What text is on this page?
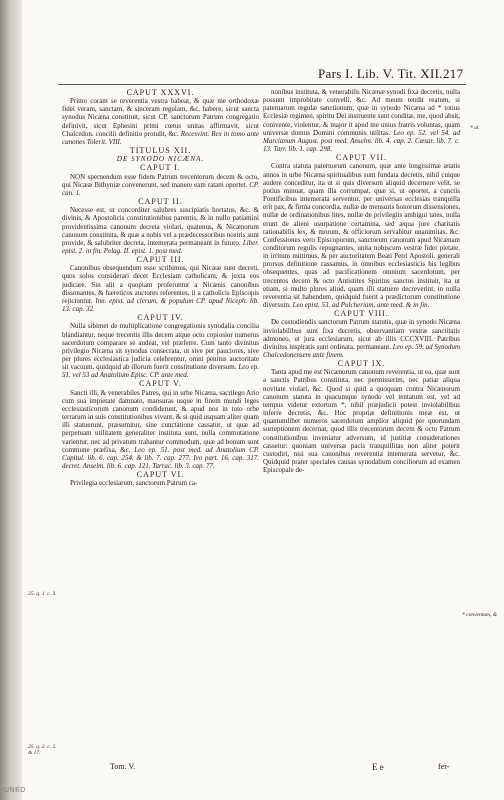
Pars I. Lib. V. Tit. XII. 217
CAPUT XXXVI.

Primo coram se reverentia vestra habeat, & quæ me orthodoxæ fidei veram, sanctam, & sinceram regulam, &c. habere, sicut sancta synodus Nicæna constituit, sicut CP. sanctorum Patrum congregatio definivit, sicut Ephesini primi cœtus unitas affirmavit, sicut Chalcedon. concilii definitio protulit, &c. Recesvint. Rex in tomo ante canones Tolerit. VIII.

TITULUS XII.
DE SYNODO NICÆNA.
CAPUT I.

NON spernendum esse fidem Patrum trecentorum decem & octo, qui Nicææ Bithyniæ convenerunt, sed manere eam ratam oportet. CP. can. 1.

CAPUT II.

Necesse est, ut concorditer salubres suscipiatis hortatus, &c. & divinis, & Apostolicis constitutionibus parentis, & in nullo patiamini providentissima canonum decreta violari, quatenus, & Nicænorum canonum constituta, & quæ a nobis vel a prædecessoribus nostris sunt provide, & salubriter decreta, intemerata permaneant in futuro. Liber. epist. 2. in fin. Pelag. II. epist. 1. post med.

CAPUT III.

Canonibus obsequendum esse scribimus, qui Nicææ sunt decreti, quos solos considerari decet Ecclesiam catholicam, & juxta eos judicare. Sin alii a quopiam proferuntur a Nicænis canonibus dissonantes, & hæreticos auctores referentes, ii a catholicis Episcopis rejiciuntur. Inn. epist. ad clerum, & populum CP. apud Niceph. lib. 13. cap. 32.

CAPUT IV.

Nulla sibimet de multiplicatione congregationis synodalia concilia blandiantur, neque trecentis illis decem atque octo copiosior numerus sacerdotum comparare se audeat, vel præferre. Cum tanto divinitus privilegio Nicæna sit synodus consecrata, ut sive per pauciores, sive per plures ecclesiastica judicia celebrentur, omni penitus auctoritate sit vacuum, quidquid ab illorum fuerit constitutione diversum. Leo ep. 51. vel 53 ad Anatolium Episc. CP. ante med.

CAPUT V.

Sancti illi, & venerabiles Patres, qui in urbe Nicæna, sacrilego Ario cum sua impietate damnato, mansuras usque in finem mundi leges ecclesiasticorum canonum condiderunt, & apud nos in toto orbe terrarum in suis constitutionibus vivunt, & si quid usquam aliter quam illi statuerunt, præsumitur, sine cunctatione cassatur, ut quæ ad perpetuam utilitatem generaliter instituta sunt, nulla commutatione varientur, nec ad privatum trahantur commodum, quæ ad bonum sunt commune præfixa, &c. Leo ep. 51. post med. ad Anatolium CP. Capitul. lib. 6. cap. 254. & lib. 7. cap. 277. Ivo part. 16. cap. 317. decret. Anselm. lib. 6. cap. 121. Tarrac. lib. 3. cap. 77.

CAPUT VI.

Privilegia ecclesiarum, sanctorum Patrum ca-

nonibus instituta, & venerabilis Nicænæ synodi fixa decretis, nulla possunt improbitate convelli, &c. Ad meum tendit reatum, si paternarum regulæ sanctionum, quæ in synodo Nicæna ad * totius Ecclesiæ regimen, spiritu Dei instruente sunt conditæ, me, quod absit, conivente, violentur, & major it apud me unius fratris voluntas, quam universæ domus Domini communis utilitas. Leo ep. 52. vel 54. ad Marcianum August. post med. Anselm. lib. 4. cap. 2. Cæsar. lib. 7. c. 13. Tarr. lib. 1. cap. 298.

CAPUT VII.

Contra statuta paternorum canonum, quæ ante longissimæ ætatis annos in urbe Nicæna spiritualibus sunt fundata decretis, nihil cuique audere conceditur, ita ut si quis diversum aliquid decernere velit, se potius minuat, quam illa corrumpat, quæ si, ut oportet, a cunctis Pontificibus intemerata serventur, per universas ecclesias tranquilla erit pax, & firma concordia, nullæ de mensuris honorum dissensiones, nullæ de ordinationibus lites, nullæ de privilegiis ambigui tates, nulla erunt de alieni usurpatione certamina, sed æqua jure charitatis rationabilis lex, & morum, & officiorum servabitur unanimitas, &c. Confessiones vero Episcoporum, sanctorum canonum apud Nicænam conditorum regulis repugnantes, unita nobiscum vestræ fidei pietate, in irritum mittimus, & per auctoritatem Beati Petri Apostoli, generali prorsus definitione cassamus, in omnibus ecclesiasticis his legibus obsequentes, quas ad pacificationem omnium sacerdotum, per trecentos decem & octo Antistites Spiritus sanctus instituit, ita ut etiam, si multo plures aliud, quam illi statuere decreverint, in nulla reverentia sit habendum, quidquid fuerit a prædictorum constitutione diversum. Leo epist. 53. ad Pulcheriam, ante med. & in fin.

CAPUT VIII.

De custodiendis sanctorum Patrum statutis, quæ in synodo Nicæna inviolabilibus sunt fixa decretis, observantiam vestræ sanctitatis admoneo, ut jura ecclesiarum, sicut ab illis CCCXVIII. Patribus divinitus inspiratis sunt ordinata, permaneant. Leo ep. 59. ad Synodum Chalcedonensem ante finem.

CAPUT IX.

Tanta apud me est Nicænorum canonum reverentia, ut ea, quæ sunt a sanctis Patribus constituta, nec permisserim, nec patiar aliqua novitate violari, &c. Quod si quid a quoquam contra Nicænorum canonum statuta in quacumque synodo vel tentatum est, vel ad tempus videtur extortum *, nihil præjudicii potest inviolabilibus inferre decretis, &c. Hoc propriæ definitionis meæ est, ut quantumlibet numeros sacerdotum amplior aliquid per quorundam surreptionem decernat, quod illis trecentorum decem & octo Patrum constitutionibus inveniatur adversum, id justitiæ considerationes cassetur: quoniam universæ pacis tranquillitas non aliter poterit custodiri, nisi sua canonibus reverentia intemerata servetur, &c. Quidquid prater speciales causas synodalium conciliorum ad examen Episcopale de-

* al.
25. q. 1. c. 3.
25. q. 2. c. 2. & 17.
* conventum, &
Tom. V.	E e	fer-
UNED
